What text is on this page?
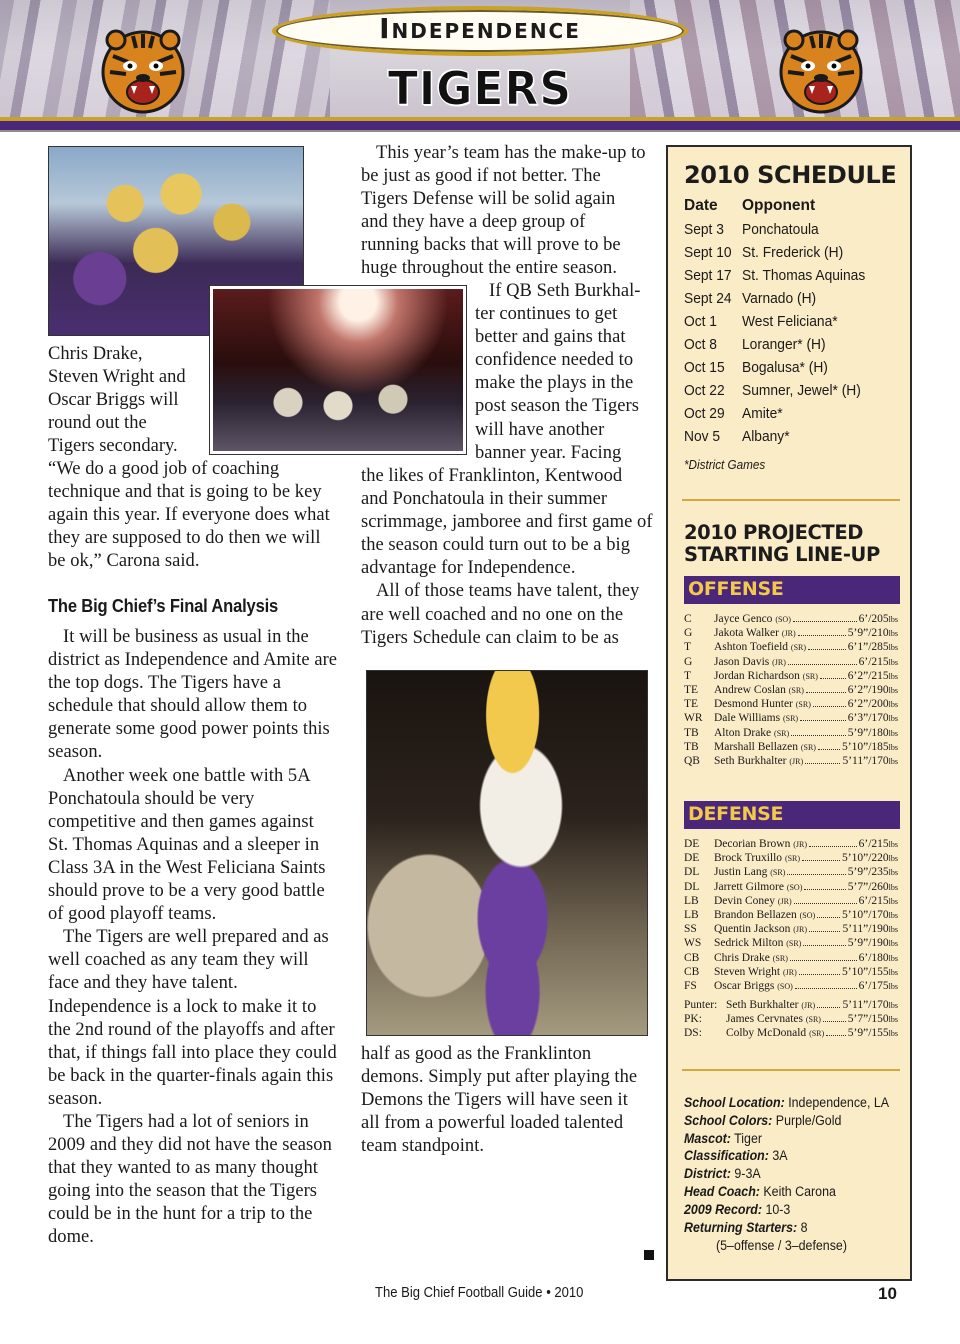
Independence
TIGERS
Chris Drake,
Steven Wright and
Oscar Briggs will
round out the
Tigers secondary.

“We do a good job of coaching technique and that is going to be key again this year. If everyone does what they are supposed to do then we will be ok,” Carona said.

The Big Chief’s Final Analysis

It will be business as usual in the district as Independence and Amite are the top dogs. The Tigers have a schedule that should allow them to generate some good power points this season.

Another week one battle with 5A Ponchatoula should be very competitive and then games against St. Thomas Aquinas and a sleeper in Class 3A in the West Feliciana Saints should prove to be a very good battle of good playoff teams.

The Tigers are well prepared and as well coached as any team they will face and they have talent. Independence is a lock to make it to the 2nd round of the playoffs and after that, if things fall into place they could be back in the quarter-finals again this season.

The Tigers had a lot of seniors in 2009 and they did not have the season that they wanted to as many thought going into the season that the Tigers could be in the hunt for a trip to the dome.

This year’s team has the make-up to be just as good if not better. The Tigers Defense will be solid again and they have a deep group of running backs that will prove to be huge throughout the entire season.

If QB Seth Burkhal-
ter continues to get
better and gains that
confidence needed to
make the plays in the
post season the Tigers
will have another
banner year. Facing

the likes of Franklinton, Kentwood and Ponchatoula in their summer scrimmage, jamboree and first game of the season could turn out to be a big advantage for Independence.

All of those teams have talent, they are well coached and no one on the Tigers Schedule can claim to be as

half as good as the Franklinton demons. Simply put after playing the Demons the Tigers will have seen it all from a powerful loaded talented team standpoint.

2010 SCHEDULE
Date Opponent
Sept 3 Ponchatoula
Sept 10 St. Frederick (H)
Sept 17 St. Thomas Aquinas
Sept 24 Varnado (H)
Oct 1 West Feliciana*
Oct 8 Loranger* (H)
Oct 15 Bogalusa* (H)
Oct 22 Sumner, Jewel* (H)
Oct 29 Amite*
Nov 5 Albany*
*District Games
2010 PROJECTED
STARTING LINE-UP
OFFENSE
C Jayce Genco (SO)	6’/205lbs
G Jakota Walker (JR)	5’9”/210lbs
T Ashton Toefield (SR)	6’1”/285lbs
G Jason Davis (JR)	6’/215lbs
T Jordan Richardson (SR)	6’2”/215lbs
TE Andrew Coslan (SR)	6’2”/190lbs
TE Desmond Hunter (SR)	6’2”/200lbs
WR Dale Williams (SR)	6’3”/170lbs
TB Alton Drake (SR)	5’9”/180lbs
TB Marshall Bellazen (SR) 5’10”/185lbs
QB Seth Burkhalter (JR)	5’11”/170lbs
DEFENSE
DE Decorian Brown (JR)	6’/215lbs
DE Brock Truxillo (SR)	5’10”/220lbs
DL Justin Lang (SR)	5’9”/235lbs
DL Jarrett Gilmore (SO)	5’7”/260lbs
LB Devin Coney (JR)	6’/215lbs
LB Brandon Bellazen (SO) 5’10”/170lbs
SS Quentin Jackson (JR)	5’11”/190lbs
WS Sedrick Milton (SR)	5’9”/190lbs
CB Chris Drake (SR)	6’/180lbs
CB Steven Wright (JR)	5’10”/155lbs
FS Oscar Briggs (SO)	6’/175lbs
Punter: Seth Burkhalter (JR) 5’11”/170lbs
PK: James Cervnates (SR) 5’7”/150lbs
DS: Colby McDonald (SR) 5’9”/155lbs
School Location: Independence, LA
School Colors: Purple/Gold
Mascot: Tiger
Classification: 3A
District: 9-3A
Head Coach: Keith Carona
2009 Record: 10-3
Returning Starters: 8
(5–offense / 3–defense)
The Big Chief Football Guide • 2010	10
